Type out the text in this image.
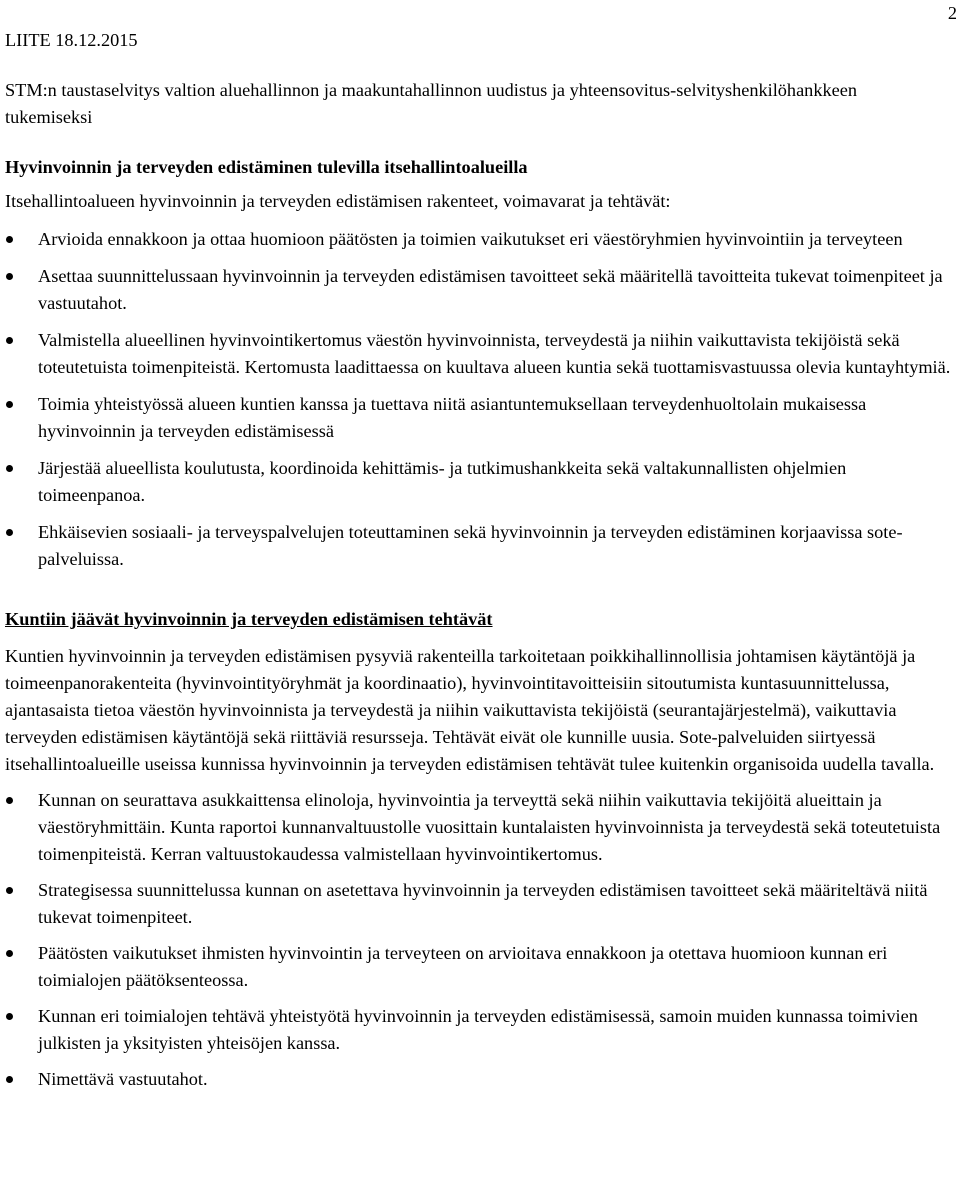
LIITE 18.12.2015
2
STM:n taustaselvitys valtion aluehallinnon ja maakuntahallinnon uudistus ja yhteensovitus-selvityshenkilöhankkeen tukemiseksi
Hyvinvoinnin ja terveyden edistäminen tulevilla itsehallintoalueilla
Itsehallintoalueen hyvinvoinnin ja terveyden edistämisen rakenteet, voimavarat ja tehtävät:
Arvioida ennakkoon ja ottaa huomioon päätösten ja toimien vaikutukset eri väestöryhmien hyvinvointiin ja terveyteen
Asettaa suunnittelussaan hyvinvoinnin ja terveyden edistämisen tavoitteet sekä määritellä tavoitteita tukevat toimenpiteet ja vastuutahot.
Valmistella alueellinen hyvinvointikertomus väestön hyvinvoinnista, terveydestä ja niihin vaikuttavista tekijöistä sekä toteutetuista toimenpiteistä. Kertomusta laadittaessa on kuultava alueen kuntia sekä tuottamisvastuussa olevia kuntayhtymiä.
Toimia yhteistyössä alueen kuntien kanssa ja tuettava niitä asiantuntemuksellaan terveydenhuoltolain mukaisessa hyvinvoinnin ja terveyden edistämisessä
Järjestää alueellista koulutusta, koordinoida kehittämis- ja tutkimushankkeita sekä valtakunnallisten ohjelmien toimeenpanoa.
Ehkäisevien sosiaali- ja terveyspalvelujen toteuttaminen sekä hyvinvoinnin ja terveyden edistäminen korjaavissa sote-palveluissa.
Kuntiin jäävät hyvinvoinnin ja terveyden edistämisen tehtävät

Kuntien hyvinvoinnin ja terveyden edistämisen pysyviä rakenteilla tarkoitetaan poikkihallinnollisia johtamisen käytäntöjä ja toimeenpanorakenteita (hyvinvointityöryhmät ja koordinaatio), hyvinvointitavoitteisiin sitoutumista kuntasuunnittelussa, ajantasaista tietoa väestön hyvinvoinnista ja terveydestä ja niihin vaikuttavista tekijöistä (seurantajärjestelmä), vaikuttavia terveyden edistämisen käytäntöjä sekä riittäviä resursseja. Tehtävät eivät ole kunnille uusia. Sote-palveluiden siirtyessä itsehallintoalueille useissa kunnissa hyvinvoinnin ja terveyden edistämisen tehtävät tulee kuitenkin organisoida uudella tavalla.

Kunnan on seurattava asukkaittensa elinoloja, hyvinvointia ja terveyttä sekä niihin vaikuttavia tekijöitä alueittain ja väestöryhmittäin. Kunta raportoi kunnanvaltuustolle vuosittain kuntalaisten hyvinvoinnista ja terveydestä sekä toteutetuista toimenpiteistä. Kerran valtuustokaudessa valmistellaan hyvinvointikertomus.
Strategisessa suunnittelussa kunnan on asetettava hyvinvoinnin ja terveyden edistämisen tavoitteet sekä määriteltävä niitä tukevat toimenpiteet.
Päätösten vaikutukset ihmisten hyvinvointin ja terveyteen on arvioitava ennakkoon ja otettava huomioon kunnan eri toimialojen päätöksenteossa.
Kunnan eri toimialojen tehtävä yhteistyötä hyvinvoinnin ja terveyden edistämisessä, samoin muiden kunnassa toimivien julkisten ja yksityisten yhteisöjen kanssa.
Nimettävä vastuutahot.
